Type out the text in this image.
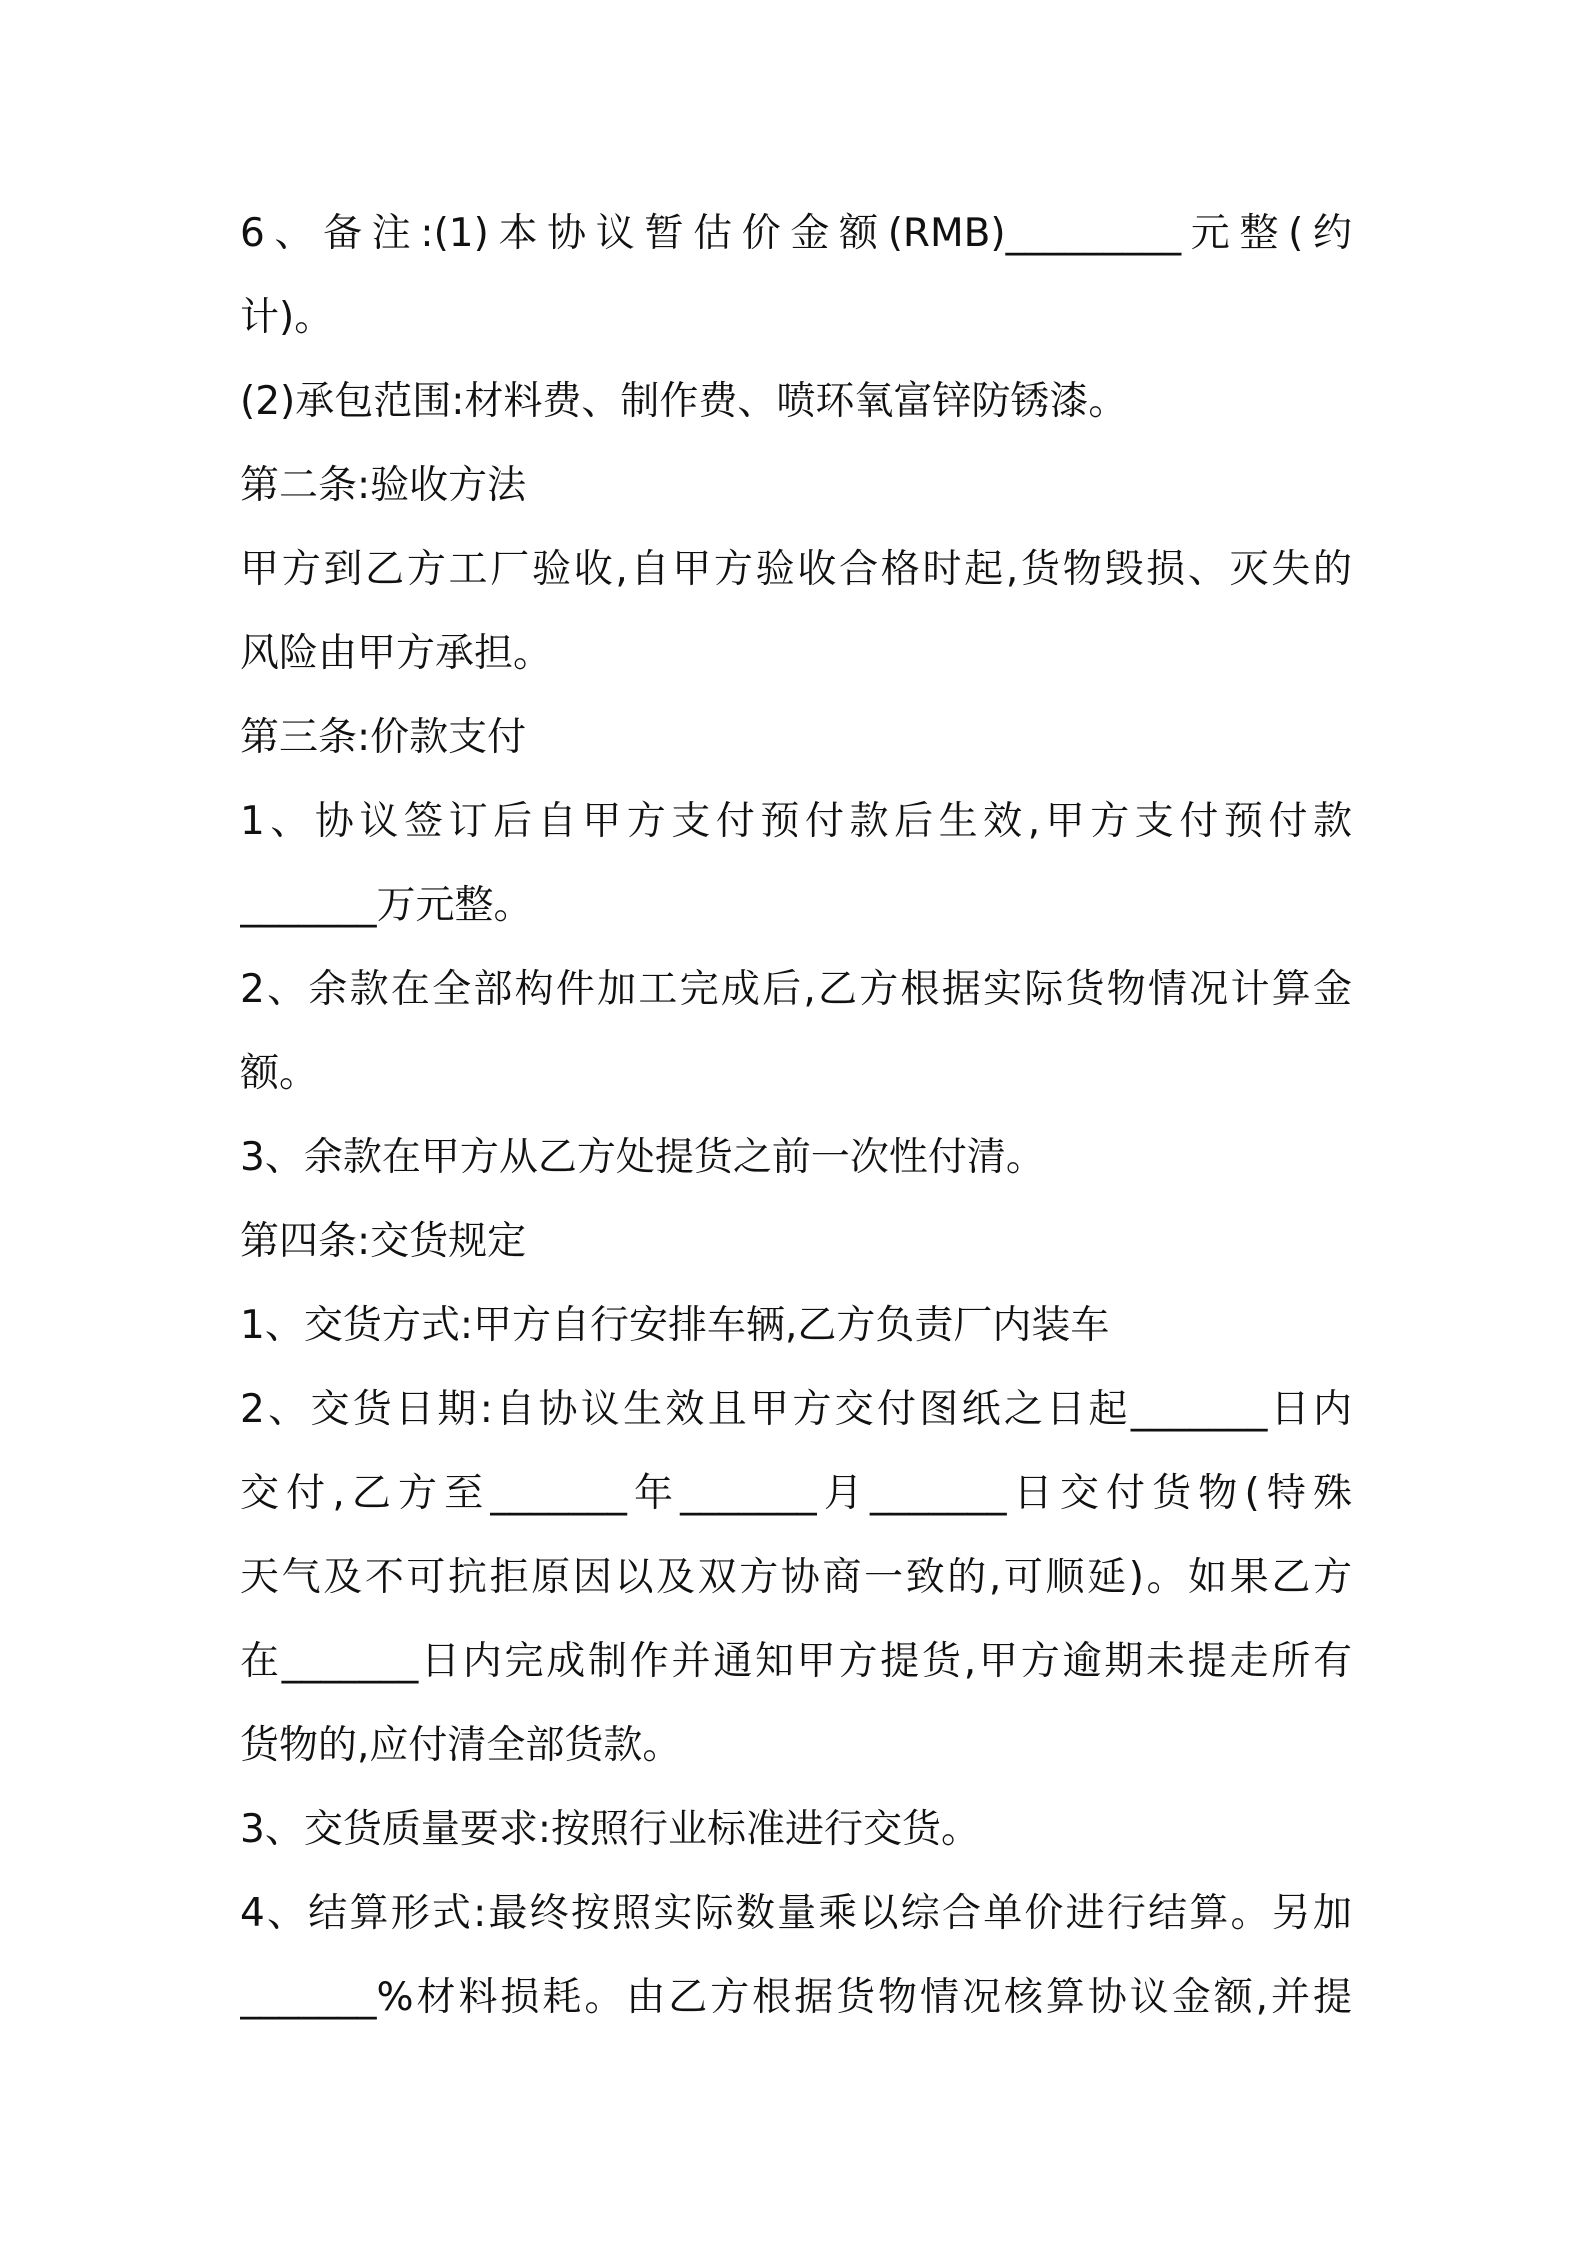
6、备注:(1)本协议暂估价金额(RMB)_________元整(约
计)。
(2)承包范围:材料费、制作费、喷环氧富锌防锈漆。
第二条:验收方法
甲方到乙方工厂验收,自甲方验收合格时起,货物毁损、灭失的
风险由甲方承担。
第三条:价款支付
1、协议签订后自甲方支付预付款后生效,甲方支付预付款
_______万元整。
2、余款在全部构件加工完成后,乙方根据实际货物情况计算金
额。
3、余款在甲方从乙方处提货之前一次性付清。
第四条:交货规定
1、交货方式:甲方自行安排车辆,乙方负责厂内装车
2、交货日期:自协议生效且甲方交付图纸之日起_______日内
交付,乙方至_______年_______月_______日交付货物(特殊
天气及不可抗拒原因以及双方协商一致的,可顺延)。如果乙方
在_______日内完成制作并通知甲方提货,甲方逾期未提走所有
货物的,应付清全部货款。
3、交货质量要求:按照行业标准进行交货。
4、结算形式:最终按照实际数量乘以综合单价进行结算。另加
_______%材料损耗。由乙方根据货物情况核算协议金额,并提
